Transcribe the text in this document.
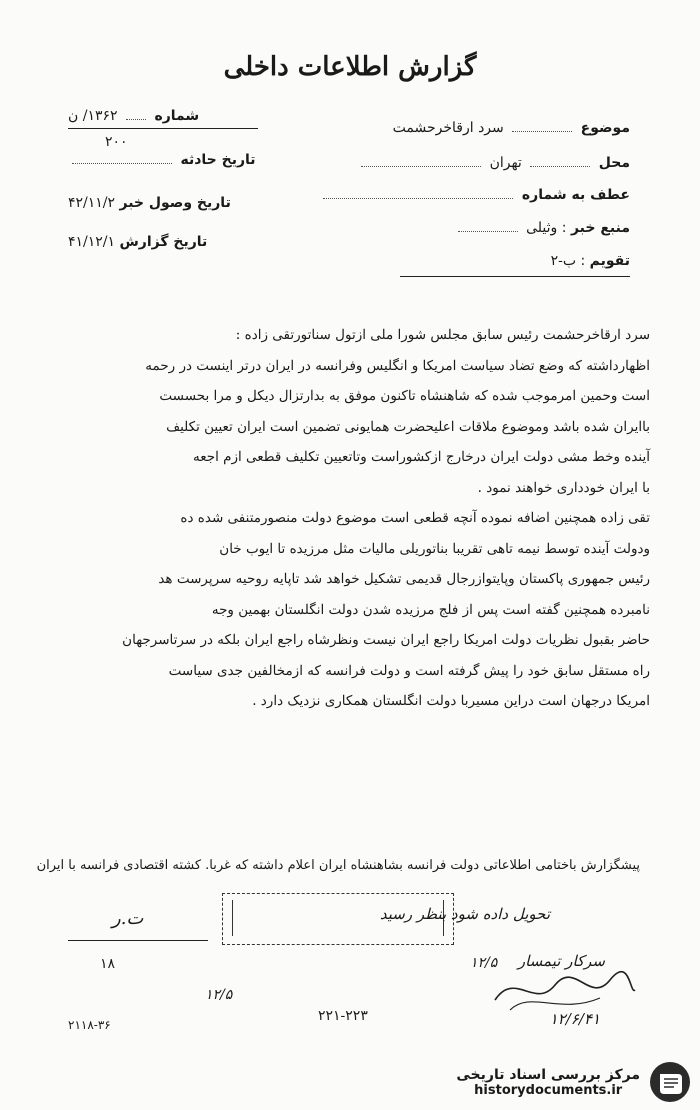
گزارش اطلاعات داخلی
موضوع  سرد ارقاخرحشمت
محل  تهران
عطف به شماره
منبع خبر : وثیلی
تقویم : ب-۲
شماره  ۱۳۶۲/ ن
۲۰۰
تاریخ حادثه
تاریخ وصول خبر ۴۲/۱۱/۲
تاریخ گزارش ۴۱/۱۲/۱

سرد ارقاخرحشمت رئیس سابق مجلس شورا ملی ازتول سناتورتقی زاده :

اظهارداشته که وضع تضاد سیاست امریکا و انگلیس وفرانسه در ایران درتر اینست در رحمه

است وحمین امرموجب شده که شاهنشاه تاکنون موفق به بدارتزال دیکل و مرا بحسست

باایران شده باشد وموضوع ملاقات اعلیحضرت همایونی تضمین است ایران تعیین تکلیف

آینده وخط مشی دولت ایران درخارج ازکشوراست وتاتعیین تکلیف قطعی ازم اجعه

با ایران خودداری خواهند نمود .

تقی زاده همچنین اضافه نموده آنچه قطعی است موضوع دولت منصورمتنفی شده ده

ودولت آینده توسط نیمه تاهی تقریبا بناتوریلی مالیات مثل مرزیده تا ایوب خان

رئیس جمهوری پاکستان وپایتوازرجال قدیمی تشکیل خواهد شد تاپایه روحیه سرپرست هد

نامبرده همچنین گفته است پس از فلج مرزیده شدن دولت انگلستان بهمین وجه

حاضر بقبول نظریات دولت امریکا راجع ایران نیست ونظرشاه راجع ایران بلکه در سرتاسرجهان

راه مستقل سابق خود را پیش گرفته است و دولت فرانسه که ازمخالفین جدی سیاست

امریکا درجهان است دراین مسیربا دولت انگلستان همکاری نزدیک دارد .

پیشگزارش باختامی اطلاعاتی دولت فرانسه بشاهنشاه ایران اعلام داشته که غربا. کشته اقتصادی فرانسه با ایران
تحویل داده شود بنظر رسید
۱۲/۵ سرکار تیمسار
۱۲/۶/۴۱
ت.ر
۱۸
۱۲/۵
۲۲۱-۲۲۳
۲۱۱۸-۳۶
مرکز بررسی اسناد تاریخی
historydocuments.ir
